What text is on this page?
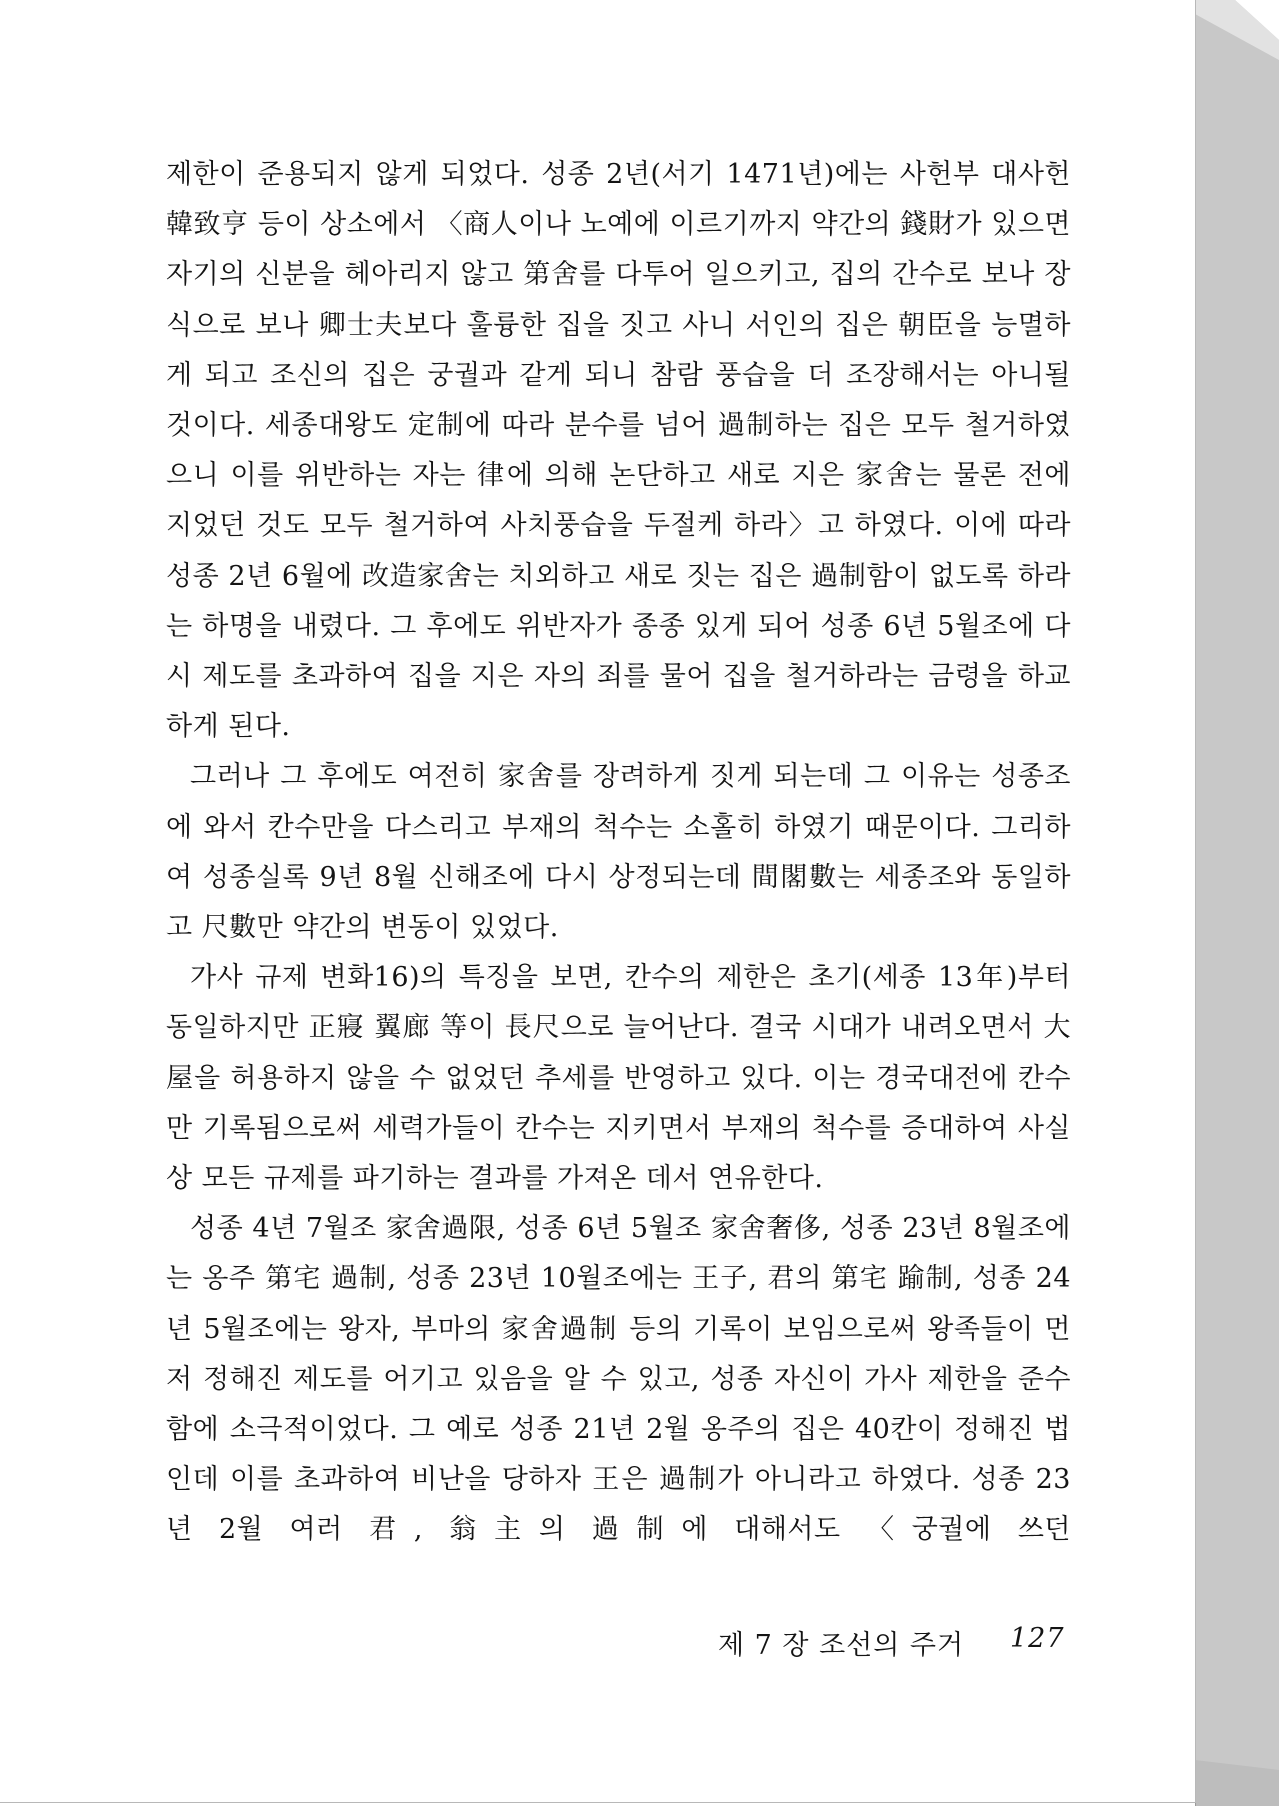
제한이 준용되지 않게 되었다. 성종 2년(서기 1471년)에는 사헌부 대사헌 韓致亨 등이 상소에서 〈商人이나 노예에 이르기까지 약간의 錢財가 있으면 자기의 신분을 헤아리지 않고 第舍를 다투어 일으키고, 집의 간수로 보나 장식으로 보나 卿士夫보다 훌륭한 집을 짓고 사니 서인의 집은 朝臣을 능멸하게 되고 조신의 집은 궁궐과 같게 되니 참람 풍습을 더 조장해서는 아니될 것이다. 세종대왕도 定制에 따라 분수를 넘어 過制하는 집은 모두 철거하였으니 이를 위반하는 자는 律에 의해 논단하고 새로 지은 家舍는 물론 전에 지었던 것도 모두 철거하여 사치풍습을 두절케 하라〉고 하였다. 이에 따라 성종 2년 6월에 改造家舍는 치외하고 새로 짓는 집은 過制함이 없도록 하라는 하명을 내렸다. 그 후에도 위반자가 종종 있게 되어 성종 6년 5월조에 다시 제도를 초과하여 집을 지은 자의 죄를 물어 집을 철거하라는 금령을 하교하게 된다.

그러나 그 후에도 여전히 家舍를 장려하게 짓게 되는데 그 이유는 성종조에 와서 칸수만을 다스리고 부재의 척수는 소홀히 하였기 때문이다. 그리하여 성종실록 9년 8월 신해조에 다시 상정되는데 間閣數는 세종조와 동일하고 尺數만 약간의 변동이 있었다.

가사 규제 변화16)의 특징을 보면, 칸수의 제한은 초기(세종 13年)부터 동일하지만 正寢 翼廊 等이 長尺으로 늘어난다. 결국 시대가 내려오면서 大屋을 허용하지 않을 수 없었던 추세를 반영하고 있다. 이는 경국대전에 칸수만 기록됨으로써 세력가들이 칸수는 지키면서 부재의 척수를 증대하여 사실상 모든 규제를 파기하는 결과를 가져온 데서 연유한다.

성종 4년 7월조 家舍過限, 성종 6년 5월조 家舍奢侈, 성종 23년 8월조에는 옹주 第宅 過制, 성종 23년 10월조에는 王子, 君의 第宅 踰制, 성종 24년 5월조에는 왕자, 부마의 家舍過制 등의 기록이 보임으로써 왕족들이 먼저 정해진 제도를 어기고 있음을 알 수 있고, 성종 자신이 가사 제한을 준수함에 소극적이었다. 그 예로 성종 21년 2월 옹주의 집은 40칸이 정해진 법인데 이를 초과하여 비난을 당하자 王은 過制가 아니라고 하였다. 성종 23년 2월 여러 君, 翁主의 過制에 대해서도 〈궁궐에 쓰던

제 7 장 조선의 주거 127
